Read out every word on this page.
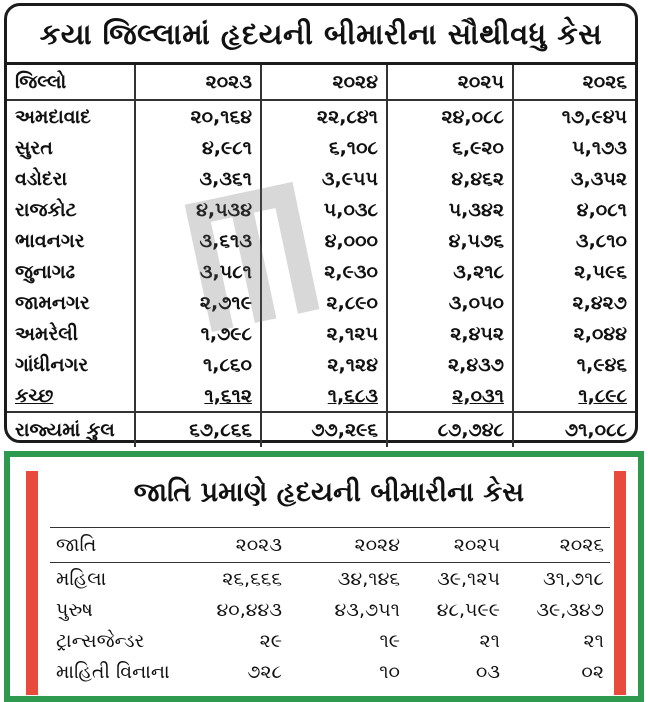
કયા જિલ્લામાં હૃદયની બીમારીના સૌથીવધુ કેસ
જિલ્લો	૨૦૨૩	૨૦૨૪	૨૦૨૫	૨૦૨૬
અમદાવાદ	૨૦,૧૬૪	૨૨,૮૪૧	૨૪,૦૮૮	૧૭,૯૪૫
સુરત	૪,૯૮૧	૬,૧૦૮	૬,૯૨૦	૫,૧૭૩
વડોદરા	૩,૩૬૧	૩,૯૫૫	૪,૪૬૨	૩,૩૫૨
રાજકોટ	૪,૫૩૪	૫,૦૩૮	૫,૩૪૨	૪,૦૮૧
ભાવનગર	૩,૬૧૩	૪,૦૦૦	૪,૫૭૬	૩,૮૧૦
જુનાગઢ	૩,૫૮૧	૨,૯૩૦	૩,૨૧૮	૨,૫૯૬
જામનગર	૨,૭૧૯	૨,૮૯૦	૩,૦૫૦	૨,૪૨૭
અમરેલી	૧,૭૯૮	૨,૧૨૫	૨,૪૫૨	૨,૦૪૪
ગાંધીનગર	૧,૮૬૦	૨,૧૨૪	૨,૪૩૭	૧,૯૪૬
કચ્છ	૧,૬૧૨	૧,૬૮૩	૨,૦૩૧	૧,૮૯૮
રાજ્યમાં કુલ	૬૭,૮૬૬	૭૭,૨૯૬	૮૭,૭૪૮	૭૧,૦૮૮
જાતિ પ્રમાણે હૃદયની બીમારીના કેસ
જાતિ	૨૦૨૩	૨૦૨૪	૨૦૨૫	૨૦૨૬
મહિલા	૨૬,૬૬૬	૩૪,૧૪૬	૩૯,૧૨૫	૩૧,૭૧૮
પુરુષ	૪૦,૪૪૩	૪૩,૭૫૧	૪૮,૫૯૯	૩૯,૩૪૭
ટ્રાન્સજેન્ડર	૨૯	૧૯	૨૧	૨૧
માહિતી વિનાના	૭૨૮	૧૦	૦૩	૦૨
